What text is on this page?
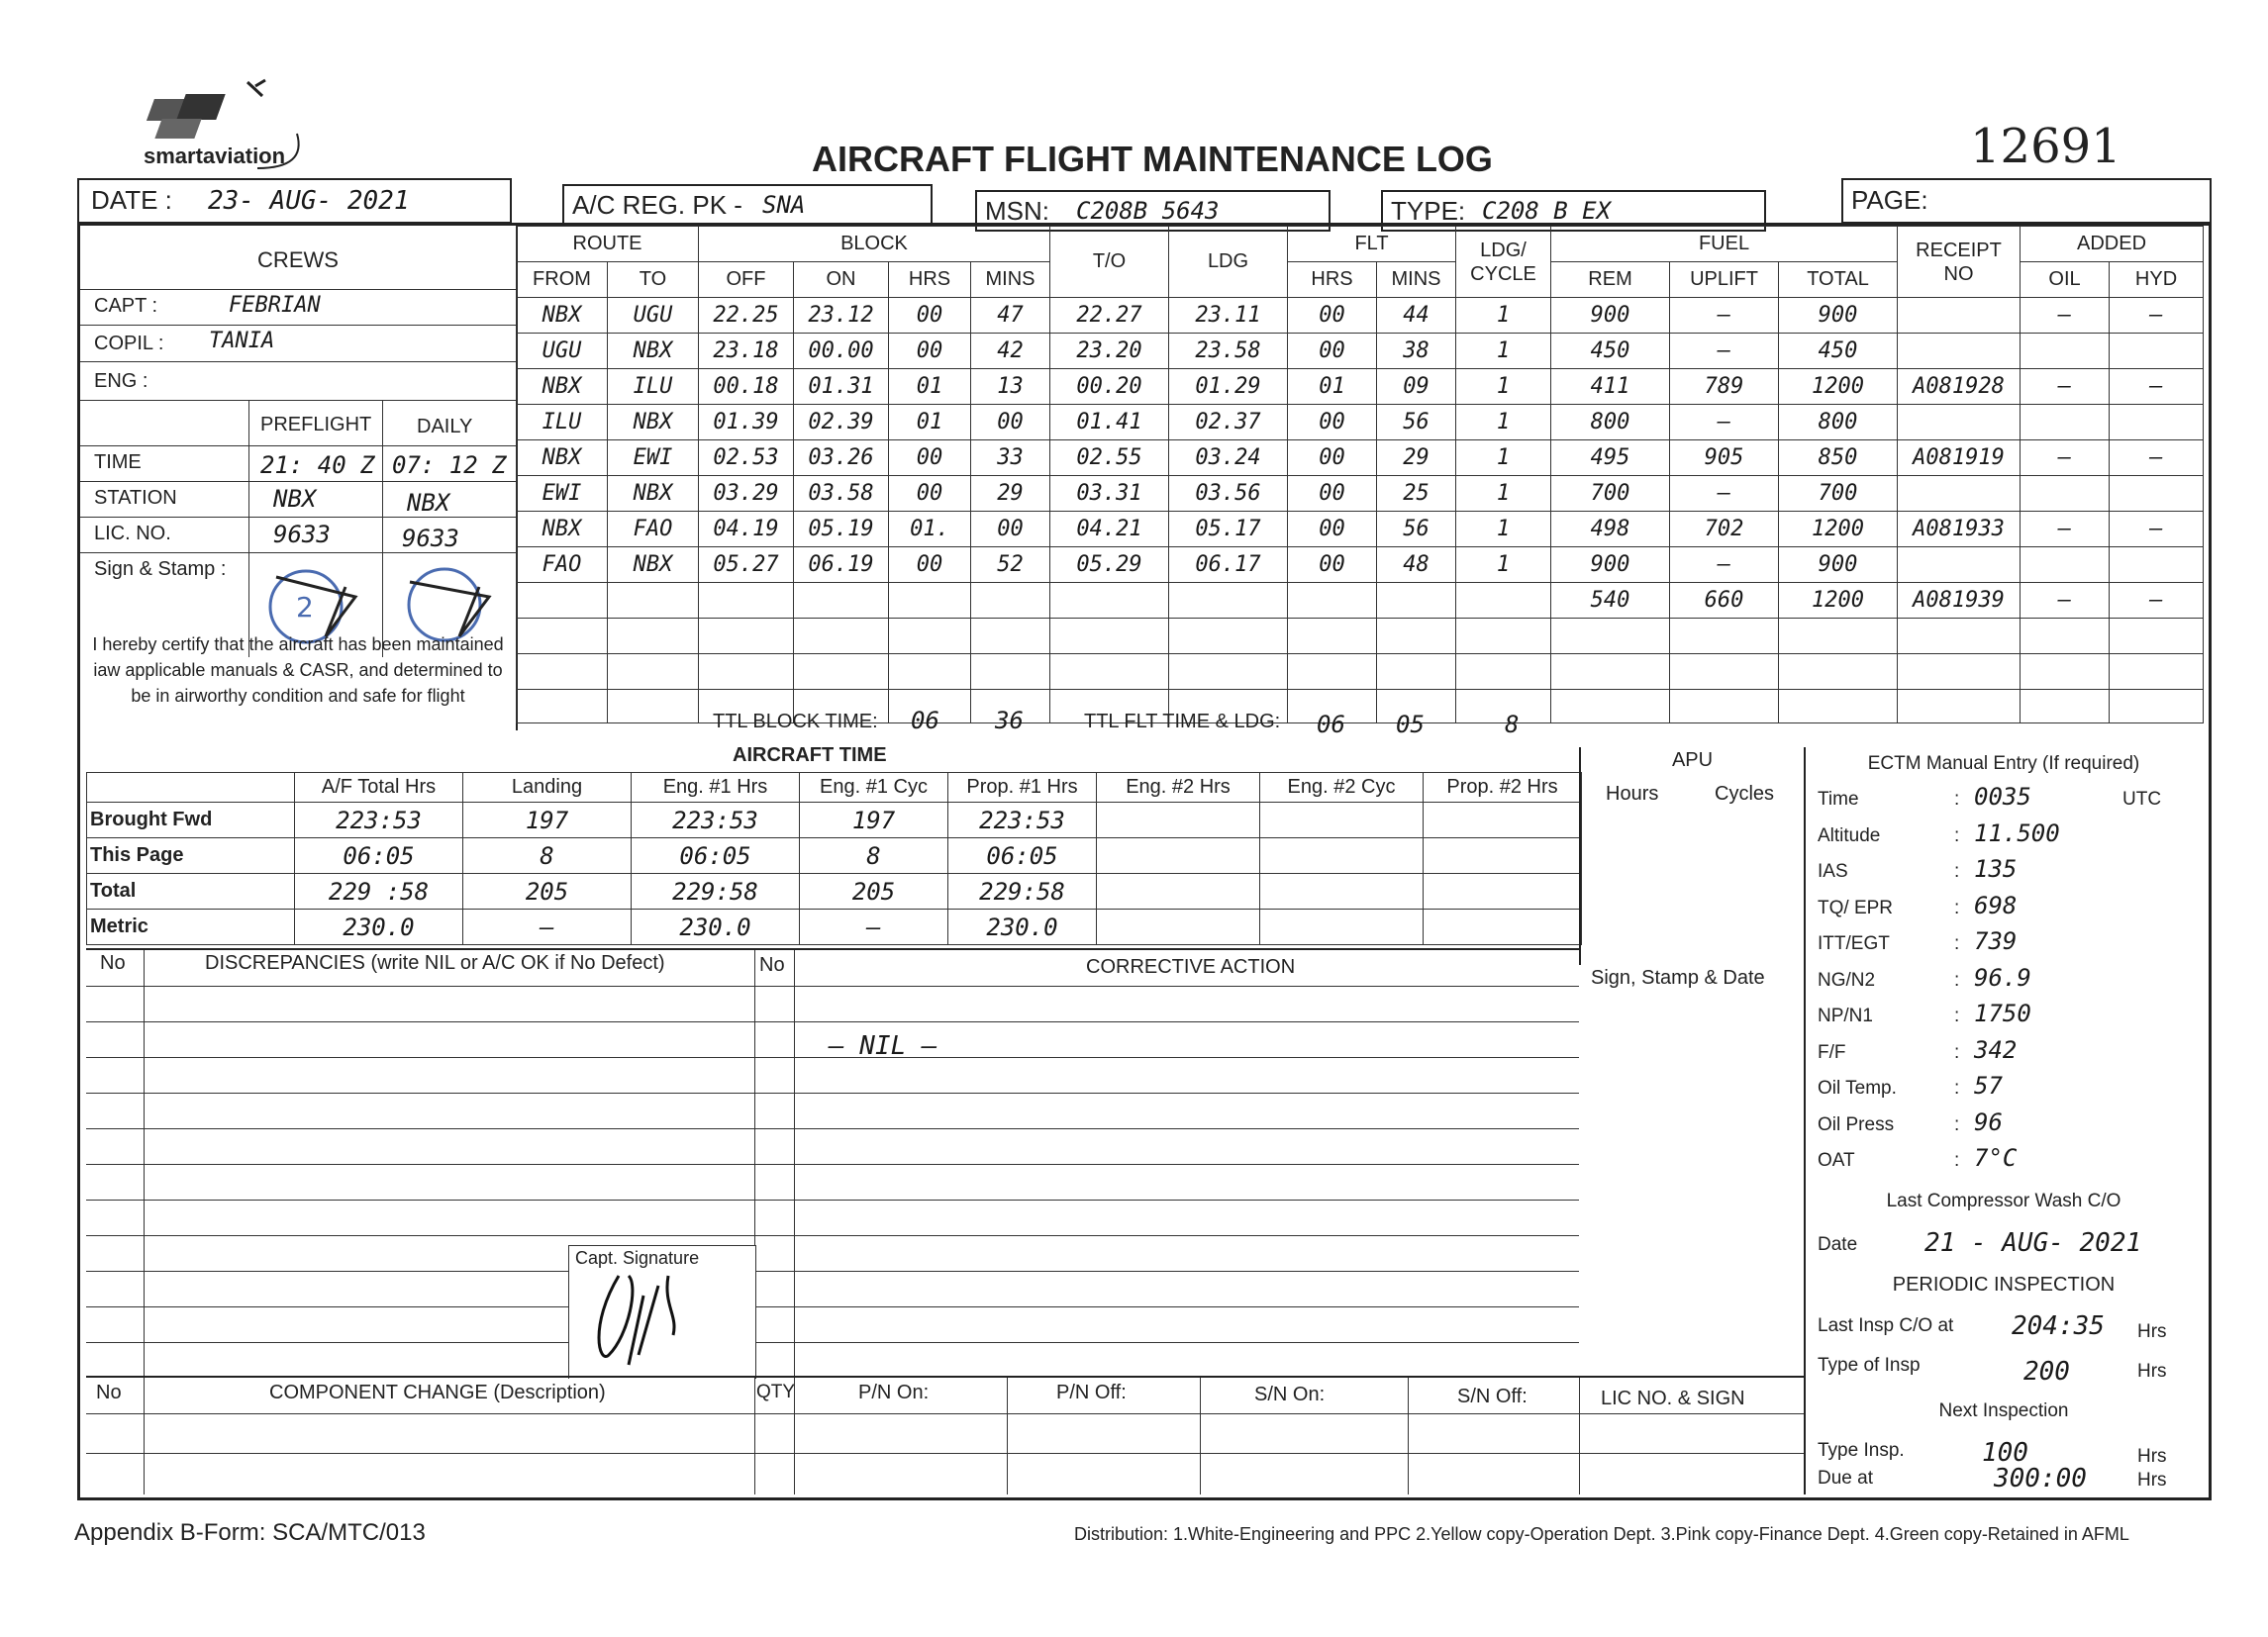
smartaviation	AIRCRAFT FLIGHT MAINTENANCE LOG	12691
DATE : 23- AUG- 2021	A/C REG. PK - SNA	MSN: C208B 5643	TYPE: C208 B EX	PAGE:
CREWS
CAPT :	FEBRIAN
COPIL : TANIA
ENG :
PREFLIGHT DAILY
TIME	21: 40 Z 07: 12 Z
STATION	NBX	NBX
LIC. NO.	9633	9633
Sign & Stamp :
2
I hereby certify that the aircraft has been maintained iaw applicable manuals & CASR, and determined to be in airworthy condition and safe for flight
ROUTE		BLOCK				T/O	LDG	FLT		LDG/ CYCLE	FUEL			RECEIPT NO	ADDED	
FROM	TO	OFF	ON	HRS	MINS			HRS	MINS		REM	UPLIFT	TOTAL		OIL	HYD
NBX	UGU	22.25	23.12	00	47	22.27	23.11	00	44	1	900	–	900		–	–
UGU	NBX	23.18	00.00	00	42	23.20	23.58	00	38	1	450	–	450			
NBX	ILU	00.18	01.31	01	13	00.20	01.29	01	09	1	411	789	1200	A081928	–	–
ILU	NBX	01.39	02.39	01	00	01.41	02.37	00	56	1	800	–	800			
NBX	EWI	02.53	03.26	00	33	02.55	03.24	00	29	1	495	905	850	A081919	–	–
EWI	NBX	03.29	03.58	00	29	03.31	03.56	00	25	1	700	–	700			
NBX	FAO	04.19	05.19	01.	00	04.21	05.17	00	56	1	498	702	1200	A081933	–	–
FAO	NBX	05.27	06.19	00	52	05.29	06.17	00	48	1	900	–	900			
											540	660	1200	A081939	–	–

TTL BLOCK TIME: 06 36	TTL FLT TIME & LDG: 06 05	8
AIRCRAFT TIME
	A/F Total Hrs	Landing	Eng. #1 Hrs	Eng. #1 Cyc	Prop. #1 Hrs	Eng. #2 Hrs	Eng. #2 Cyc	Prop. #2 Hrs
Brought Fwd	223:53	197	223:53	197	223:53			
This Page	06:05	8	06:05	8	06:05			
Total	229 :58	205	229:58	205	229:58			
Metric	230.0	–	230.0	–	230.0			
APU
Hours	Cycles
Sign, Stamp & Date
ECTM Manual Entry (If required)
Time	: 0035	UTC
Altitude	: 11.500
IAS	: 135
TQ/ EPR	: 698
ITT/EGT	: 739
NG/N2	: 96.9
NP/N1	: 1750
F/F	: 342
Oil Temp.	: 57
Oil Press	: 96
OAT	: 7°C
Last Compressor Wash C/O
Date	21 - AUG- 2021
PERIODIC INSPECTION
Last Insp C/O at 204:35 Hrs
Type of Insp	200	Hrs
Next Inspection
Type Insp.	100	Hrs
Due at	300:00	Hrs
No	DISCREPANCIES (write NIL or A/C OK if No Defect)	No	CORRECTIVE ACTION
– NIL –
Capt. Signature
No	COMPONENT CHANGE (Description)	QTY	P/N On:	P/N Off:	S/N On:	S/N Off:	LIC NO. & SIGN
Appendix B-Form: SCA/MTC/013	Distribution: 1.White-Engineering and PPC 2.Yellow copy-Operation Dept. 3.Pink copy-Finance Dept. 4.Green copy-Retained in AFML
